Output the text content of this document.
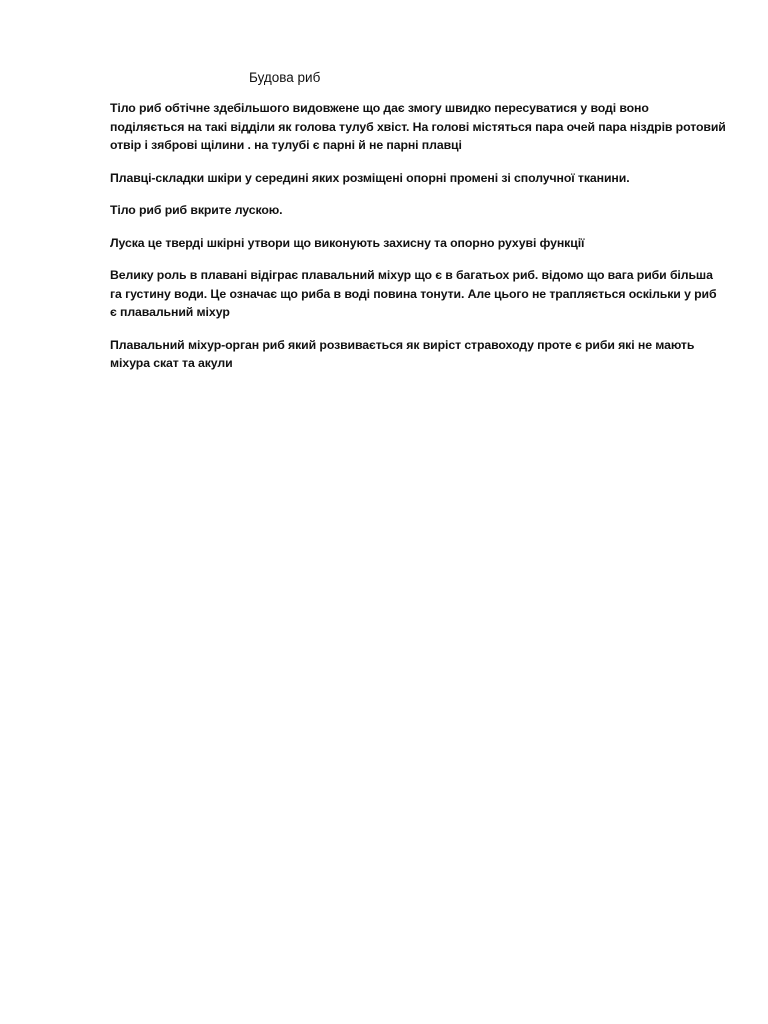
Будова риб

Тіло риб обтічне здебільшого видовжене що дає змогу швидко пересуватися у воді воно
поділяється на такі відділи як голова тулуб хвіст. На голові містяться пара очей пара ніздрів ротовий
отвір і зяброві щілини . на тулубі є парні й не парні плавці

Плавці-складки шкіри у середині яких розміщені опорні промені зі сполучної тканини.

Тіло риб риб вкрите лускою.

Луска це тверді шкірні утвори що виконують захисну та опорно рухуві функції

Велику роль в плавані відіграє плавальний міхур що є в багатьох риб. відомо що вага риби більша
га густину води. Це означає що риба в воді повина тонути. Але цього не трапляється оскільки у риб
є плавальний міхур

Плавальний міхур-орган риб який розвивається як виріст стравоходу проте є риби які не мають
міхура скат та акули
